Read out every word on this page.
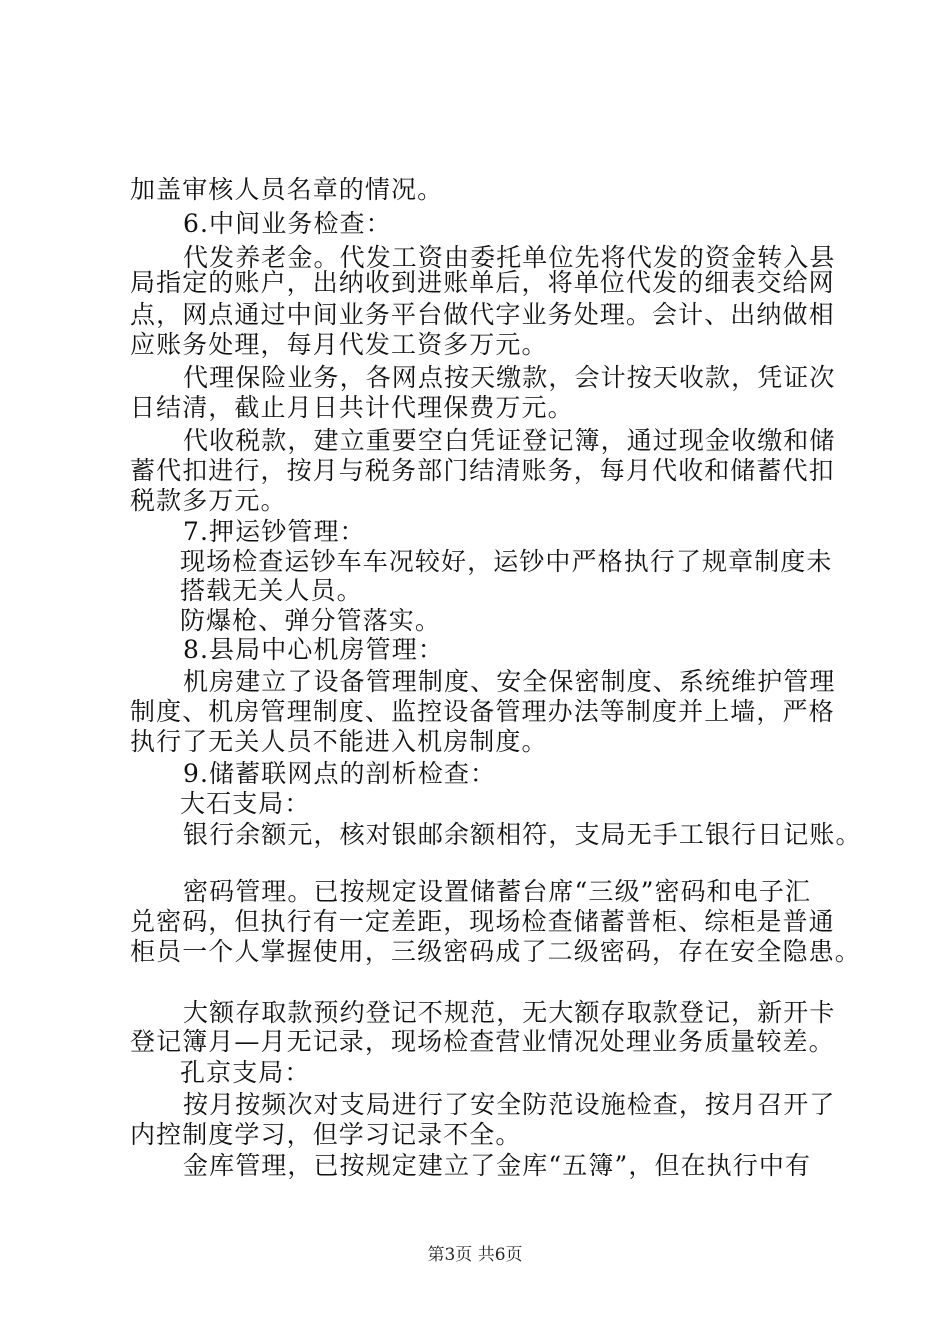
加盖审核人员名章的情况。
6.中间业务检查：
代发养老金。代发工资由委托单位先将代发的资金转入县
局指定的账户，出纳收到进账单后，将单位代发的细表交给网
点，网点通过中间业务平台做代字业务处理。会计、出纳做相
应账务处理，每月代发工资多万元。
代理保险业务，各网点按天缴款，会计按天收款，凭证次
日结清，截止月日共计代理保费万元。
代收税款，建立重要空白凭证登记簿，通过现金收缴和储
蓄代扣进行，按月与税务部门结清账务，每月代收和储蓄代扣
税款多万元。
7.押运钞管理：
现场检查运钞车车况较好，运钞中严格执行了规章制度未
搭载无关人员。
防爆枪、弹分管落实。
8.县局中心机房管理：
机房建立了设备管理制度、安全保密制度、系统维护管理
制度、机房管理制度、监控设备管理办法等制度并上墙，严格
执行了无关人员不能进入机房制度。
9.储蓄联网点的剖析检查：
大石支局：
银行余额元，核对银邮余额相符，支局无手工银行日记账。
密码管理。已按规定设置储蓄台席“三级”密码和电子汇
兑密码，但执行有一定差距，现场检查储蓄普柜、综柜是普通
柜员一个人掌握使用，三级密码成了二级密码，存在安全隐患。
大额存取款预约登记不规范，无大额存取款登记，新开卡
登记簿月—月无记录，现场检查营业情况处理业务质量较差。
孔京支局：
按月按频次对支局进行了安全防范设施检查，按月召开了
内控制度学习，但学习记录不全。
金库管理，已按规定建立了金库“五簿”，但在执行中有
第3页 共6页
